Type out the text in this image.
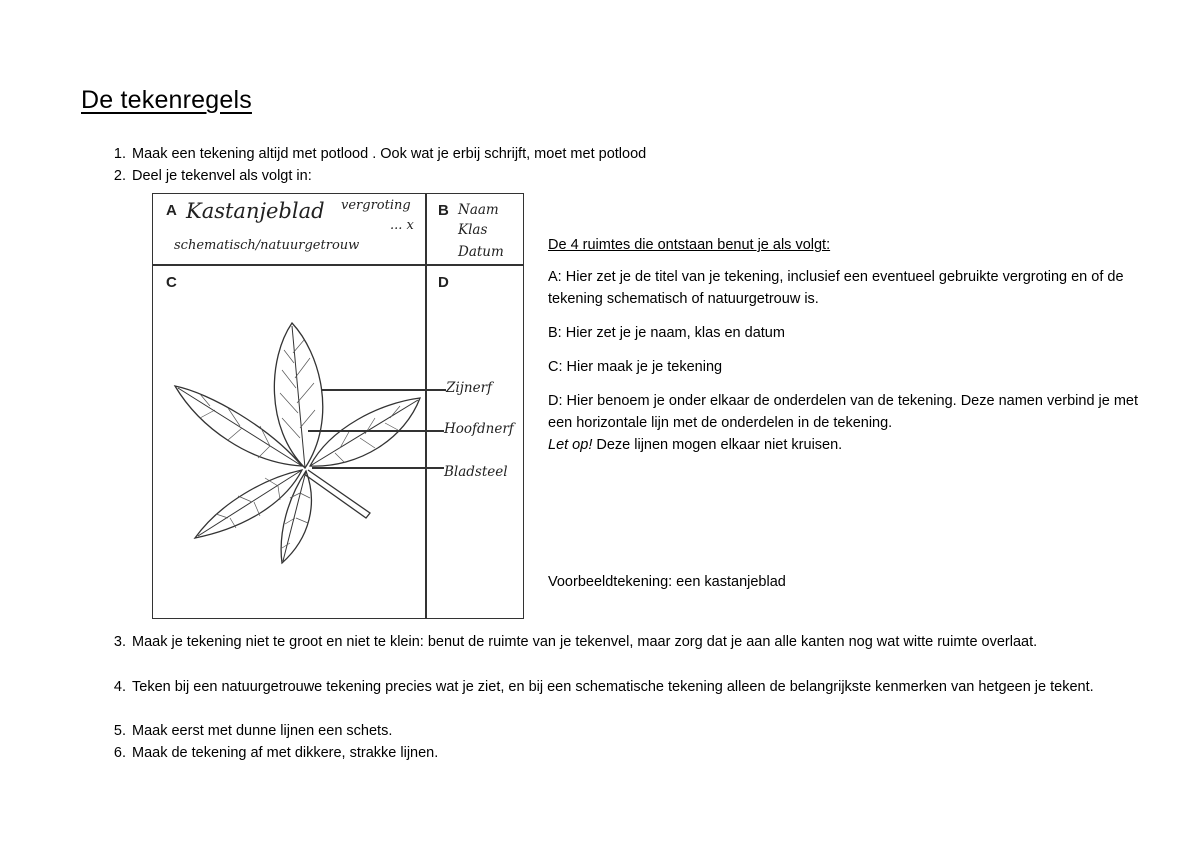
De tekenregels
1. Maak een tekening altijd met potlood . Ook wat je erbij schrijft, moet met potlood
2. Deel je tekenvel als volgt in:
A	B
C	D
Kastanjeblad vergroting
... x
schematisch/natuurgetrouw
Naam
Klas
Datum
Zijnerf
Hoofdnerf
Bladsteel
De 4 ruimtes die ontstaan benut je als volgt:
A: Hier zet je de titel van je tekening, inclusief een eventueel gebruikte vergroting en of de tekening schematisch of natuurgetrouw is.
B: Hier zet je je naam, klas en datum
C: Hier maak je je tekening
D: Hier benoem je onder elkaar de onderdelen van de tekening. Deze namen verbind je met een horizontale lijn met de onderdelen in de tekening.
Let op! Deze lijnen mogen elkaar niet kruisen.
Voorbeeldtekening: een kastanjeblad
3. Maak je tekening niet te groot en niet te klein: benut de ruimte van je tekenvel, maar zorg dat je aan alle kanten nog wat witte ruimte overlaat.
4. Teken bij een natuurgetrouwe tekening precies wat je ziet, en bij een schematische tekening alleen de belangrijkste kenmerken van hetgeen je tekent.
5. Maak eerst met dunne lijnen een schets.
6. Maak de tekening af met dikkere, strakke lijnen.
